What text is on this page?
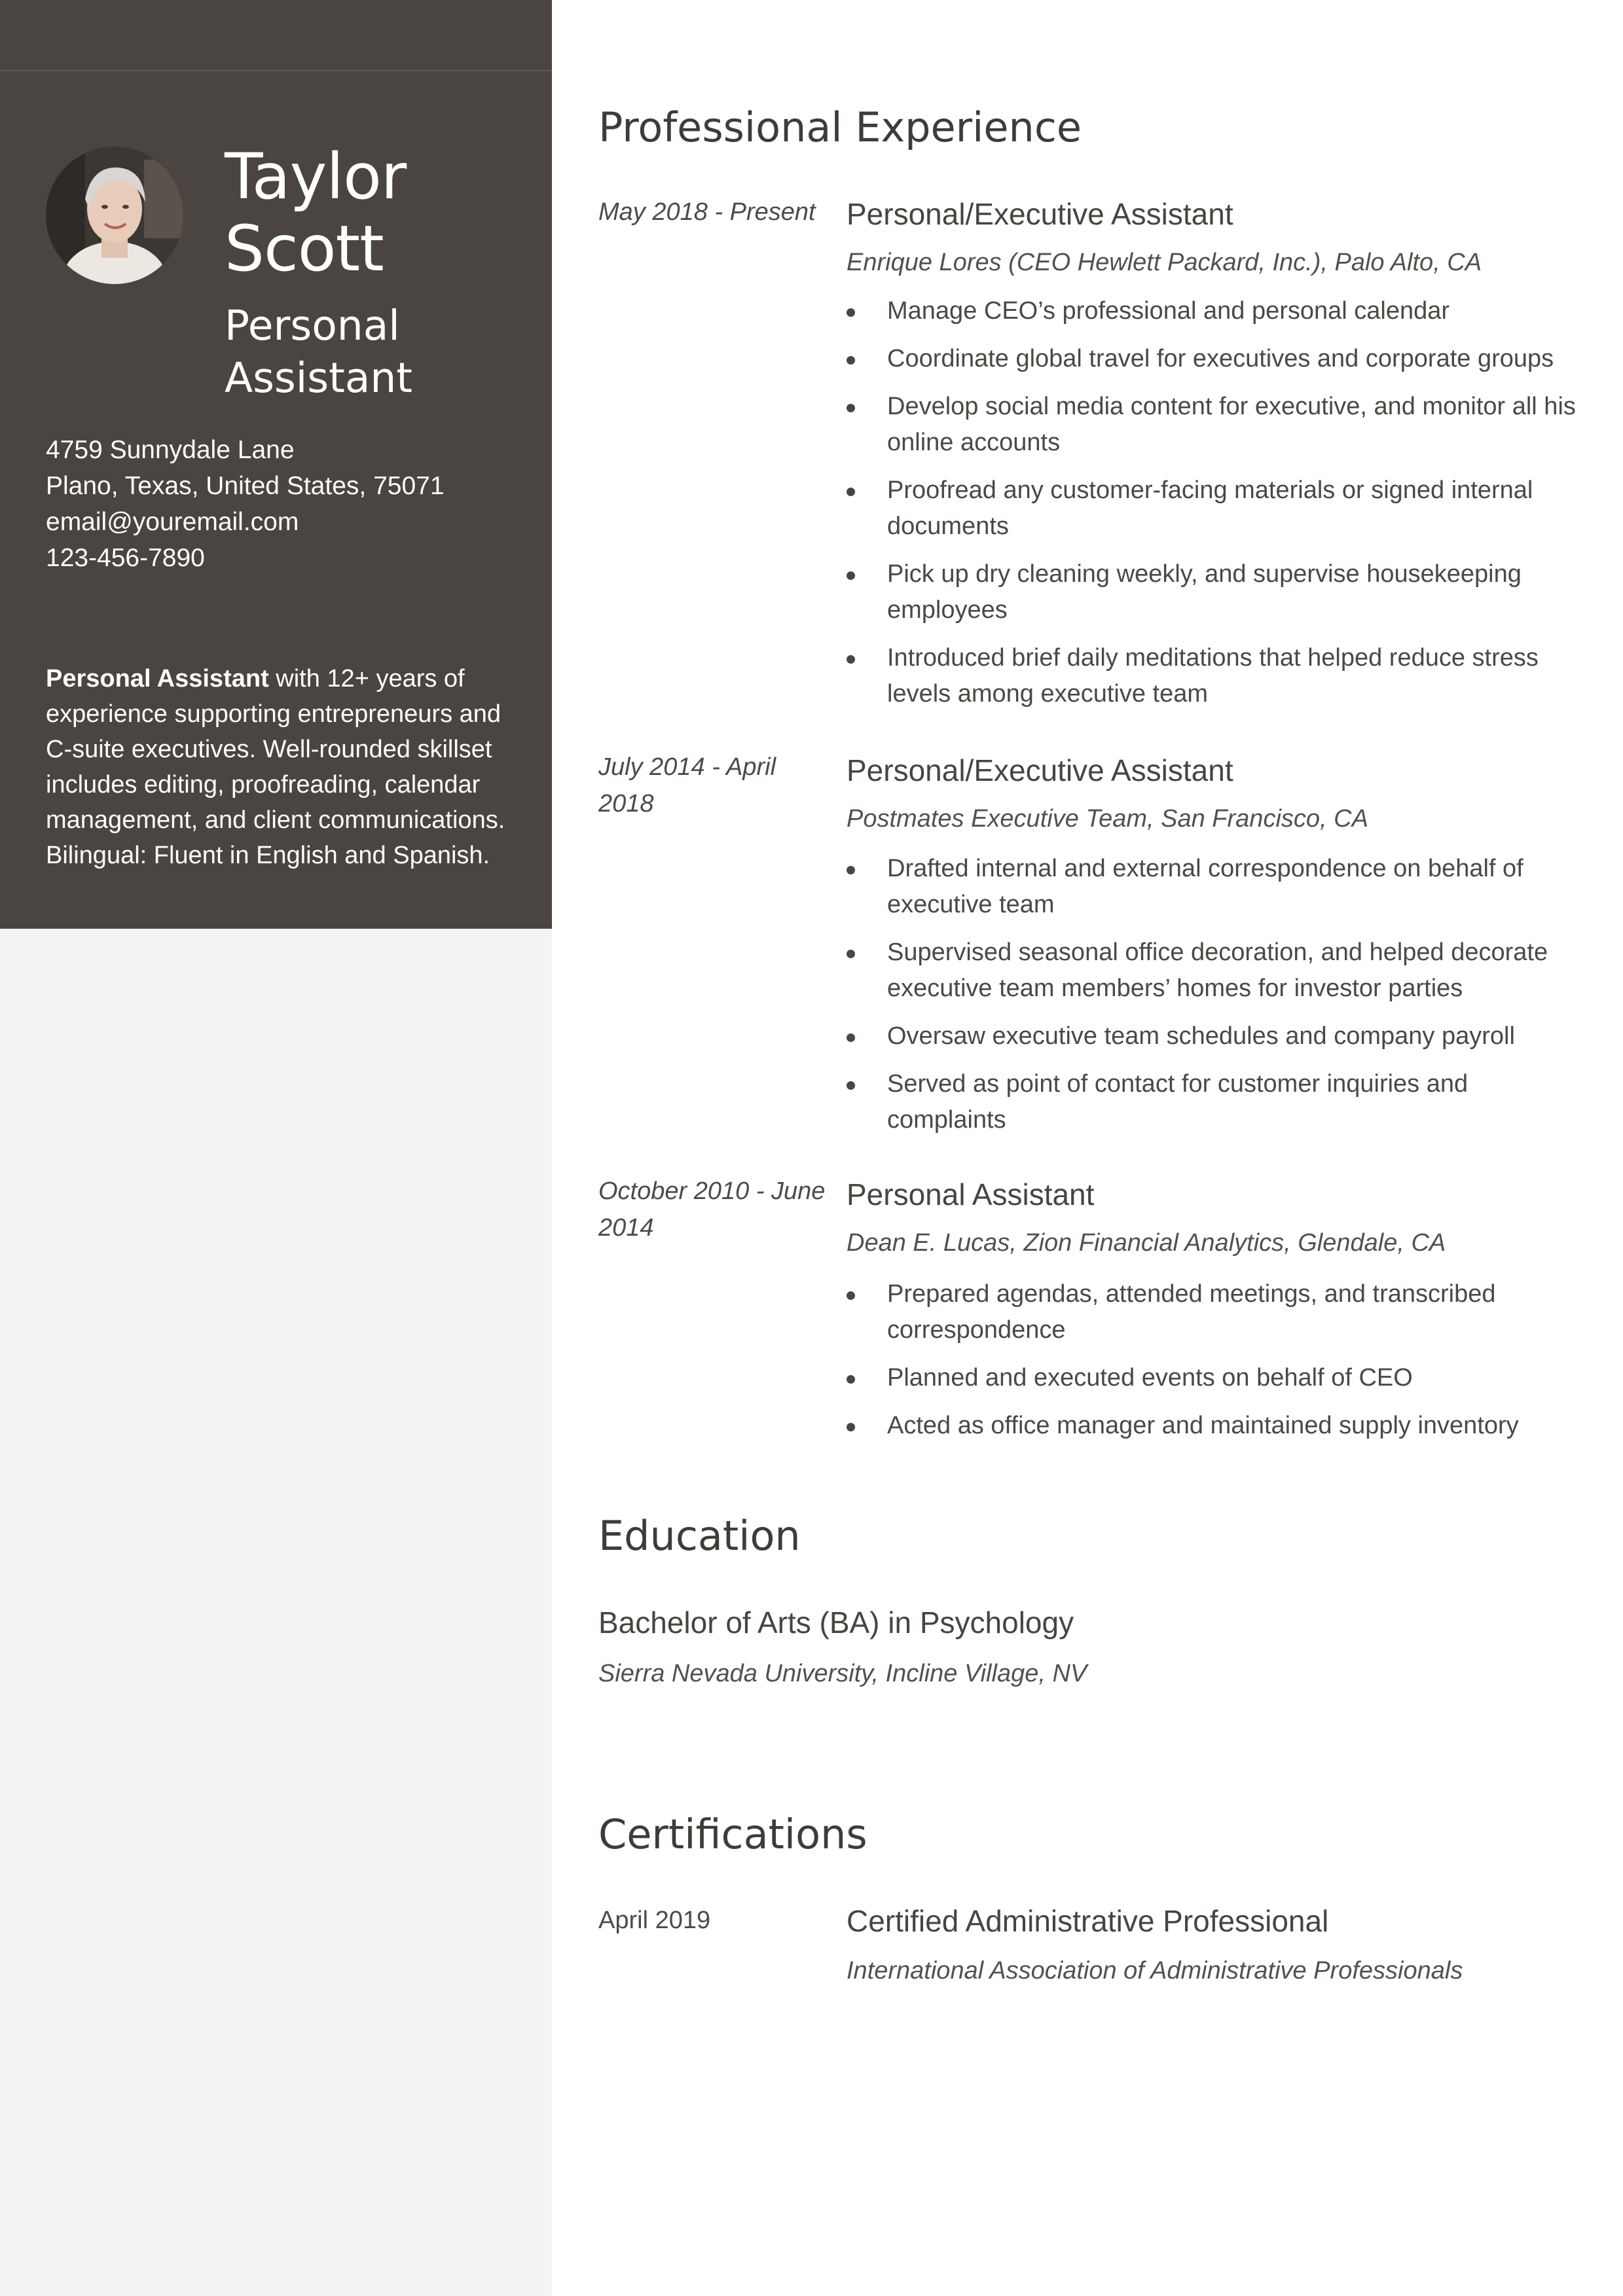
Taylor
Scott
Personal
Assistant
4759 Sunnydale Lane
Plano, Texas, United States, 75071
email@youremail.com
123-456-7890
Personal Assistant with 12+ years of experience supporting entrepreneurs and C-suite executives. Well-rounded skillset includes editing, proofreading, calendar management, and client communications. Bilingual: Fluent in English and Spanish.
Professional Experience
May 2018 - Present	Personal/Executive Assistant
Enrique Lores (CEO Hewlett Packard, Inc.), Palo Alto, CA
Manage CEO’s professional and personal calendar
Coordinate global travel for executives and corporate groups
Develop social media content for executive, and monitor all his online accounts
Proofread any customer-facing materials or signed internal documents
Pick up dry cleaning weekly, and supervise housekeeping employees
Introduced brief daily meditations that helped reduce stress levels among executive team
July 2014 - April 2018
Personal/Executive Assistant
Postmates Executive Team, San Francisco, CA
Drafted internal and external correspondence on behalf of executive team
Supervised seasonal office decoration, and helped decorate executive team members’ homes for investor parties
Oversaw executive team schedules and company payroll
Served as point of contact for customer inquiries and complaints
October 2010 - June 2014
Personal Assistant
Dean E. Lucas, Zion Financial Analytics, Glendale, CA
Prepared agendas, attended meetings, and transcribed correspondence
Planned and executed events on behalf of CEO
Acted as office manager and maintained supply inventory
Education
Bachelor of Arts (BA) in Psychology
Sierra Nevada University, Incline Village, NV
Certifications
April 2019	Certified Administrative Professional
International Association of Administrative Professionals
